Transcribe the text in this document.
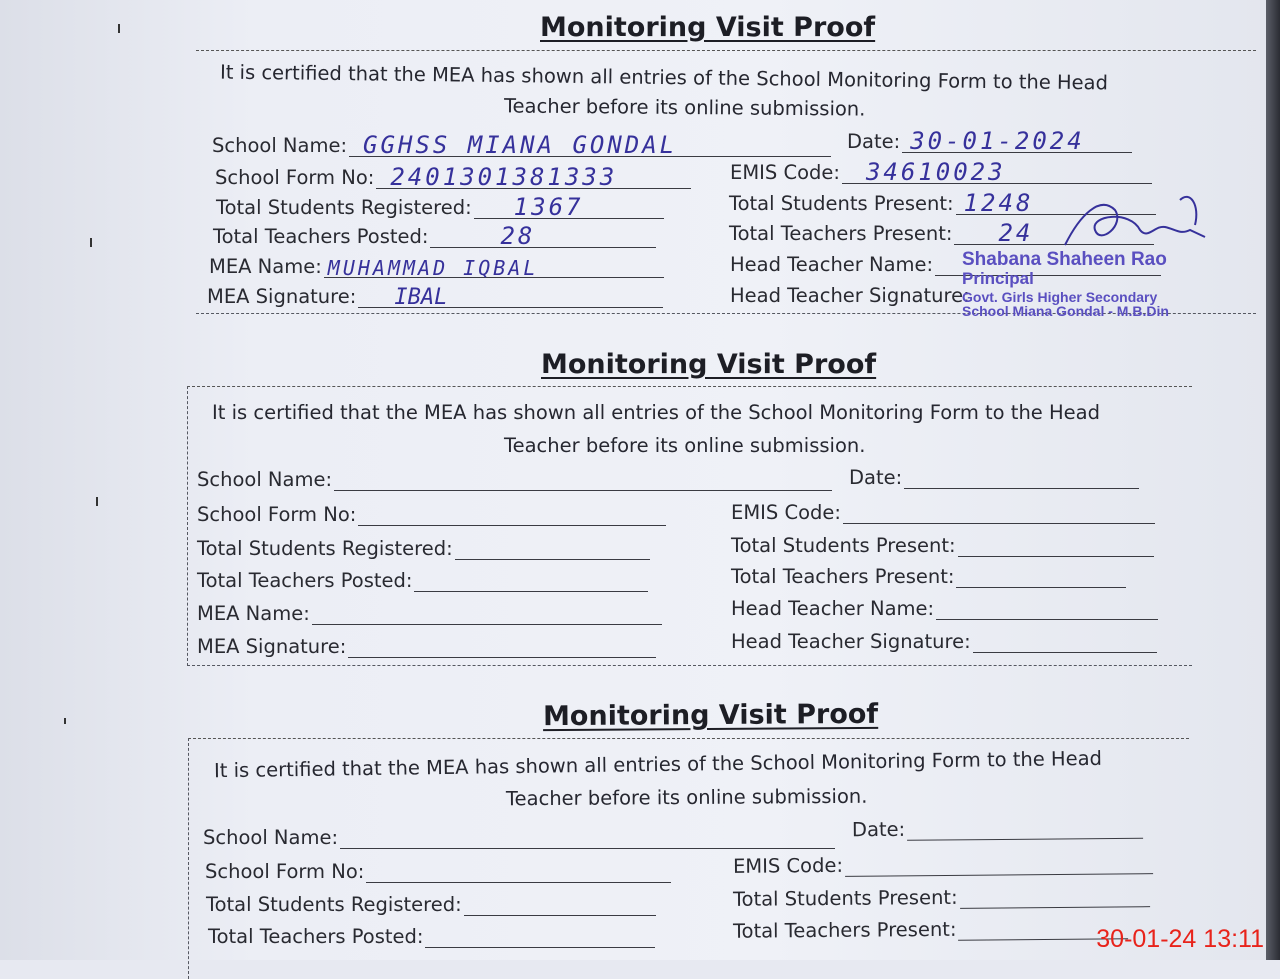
Monitoring Visit Proof
It is certified that the MEA has shown all entries of the School Monitoring Form to the Head
Teacher before its online submission.
School Name: GGHSS MIANA GONDAL
School Form No: 2401301381333
Total Students Registered: 1367
Total Teachers Posted:	28
MEA Name: MUHAMMAD IQBAL
MEA Signature: IBAL
Date: 30-01-2024
EMIS Code: 34610023
Total Students Present: 1248
Total Teachers Present: 24
Head Teacher Name:
Head Teacher Signature:
Shabana Shaheen Rao
Principal
Govt. Girls Higher Secondary
School Miana Gondal - M.B.Din
Monitoring Visit Proof
It is certified that the MEA has shown all entries of the School Monitoring Form to the Head
Teacher before its online submission.
School Name:
School Form No:
Total Students Registered:
Total Teachers Posted:
MEA Name:
MEA Signature:
Date:
EMIS Code:
Total Students Present:
Total Teachers Present:
Head Teacher Name:
Head Teacher Signature:
Monitoring Visit Proof
It is certified that the MEA has shown all entries of the School Monitoring Form to the Head
Teacher before its online submission.
School Name:
School Form No:
Total Students Registered:
Total Teachers Posted:
Date:
EMIS Code:
Total Students Present:
Total Teachers Present:	30-01-24 13:11
